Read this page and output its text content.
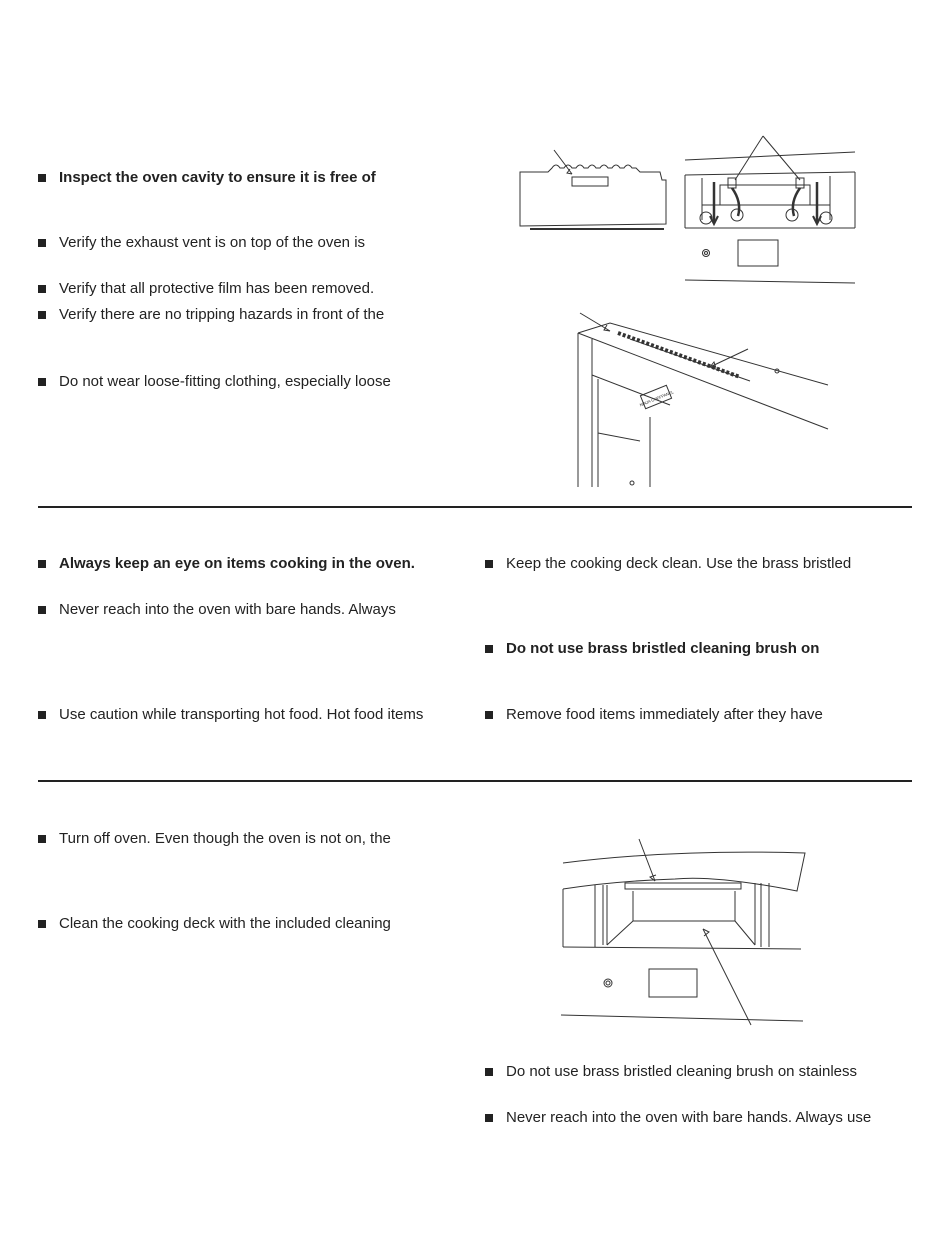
Inspect the oven cavity to ensure it is free of
Verify the exhaust vent is on top of the oven is
Verify that all protective film has been removed.
Verify there are no tripping hazards in front of the
Do not wear loose-fitting clothing, especially loose
NINJA CHEFPANEL
Always keep an eye on items cooking in the oven.
Never reach into the oven with bare hands. Always
Use caution while transporting hot food. Hot food items
Keep the cooking deck clean. Use the brass bristled
Do not use brass bristled cleaning brush on
Remove food items immediately after they have
Turn off oven. Even though the oven is not on, the
Clean the cooking deck with the included cleaning
Do not use brass bristled cleaning brush on stainless
Never reach into the oven with bare hands. Always use
